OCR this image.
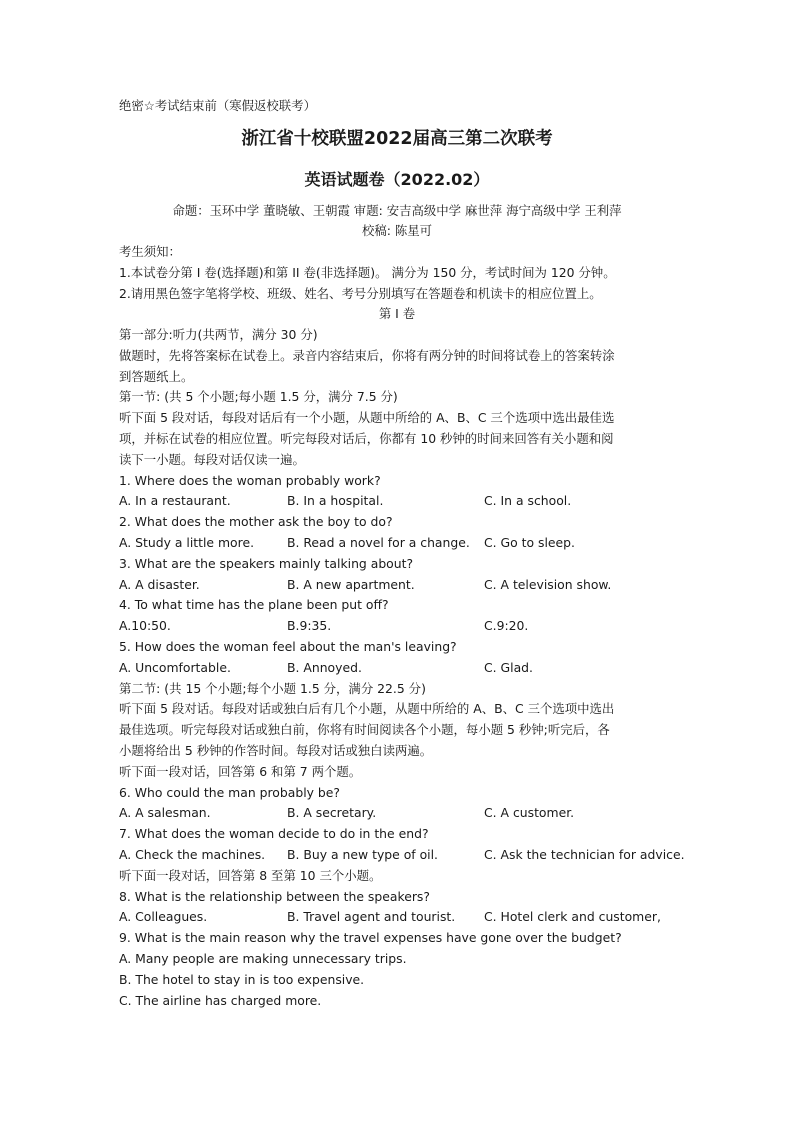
绝密☆考试结束前（寒假返校联考）
浙江省十校联盟2022届高三第二次联考
英语试题卷（2022.02）
命题：玉环中学 董晓敏、王朝霞 审题: 安吉高级中学 麻世萍 海宁高级中学 王利萍
校稿: 陈星可
考生须知：
1.本试卷分第 I 卷(选择题)和第 II 卷(非选择题)。 满分为 150 分，考试时间为 120 分钟。
2.请用黑色签字笔将学校、班级、姓名、考号分别填写在答题卷和机读卡的相应位置上。
第 I 卷
第一部分:听力(共两节，满分 30 分)
做题时，先将答案标在试卷上。录音内容结束后，你将有两分钟的时间将试卷上的答案转涂
到答题纸上。
第一节: (共 5 个小题;每小题 1.5 分，满分 7.5 分)
听下面 5 段对话，每段对话后有一个小题，从题中所给的 A、B、C 三个选项中选出最佳选
项，并标在试卷的相应位置。听完每段对话后，你都有 10 秒钟的时间来回答有关小题和阅
读下一小题。每段对话仅读一遍。
1. Where does the woman probably work?
A. In a restaurant.	B. In a hospital.	C. In a school.
2. What does the mother ask the boy to do?
A. Study a little more.	B. Read a novel for a change. C. Go to sleep.
3. What are the speakers mainly talking about?
A. A disaster.	B. A new apartment.	C. A television show.
4. To what time has the plane been put off?
A.10:50.	B.9:35.	C.9:20.
5. How does the woman feel about the man's leaving?
A. Uncomfortable.	B. Annoyed.	C. Glad.
第二节: (共 15 个小题;每个小题 1.5 分，满分 22.5 分)
听下面 5 段对话。每段对话或独白后有几个小题，从题中所给的 A、B、C 三个选项中选出
最佳选项。听完每段对话或独白前，你将有时间阅读各个小题，每小题 5 秒钟;听完后，各
小题将给出 5 秒钟的作答时间。每段对话或独白读两遍。
听下面一段对话，回答第 6 和第 7 两个题。
6. Who could the man probably be?
A. A salesman.	B. A secretary.	C. A customer.
7. What does the woman decide to do in the end?
A. Check the machines. B. Buy a new type of oil.	C. Ask the technician for advice.
听下面一段对话，回答第 8 至第 10 三个小题。
8. What is the relationship between the speakers?
A. Colleagues.	B. Travel agent and tourist. C. Hotel clerk and customer,
9. What is the main reason why the travel expenses have gone over the budget?
A. Many people are making unnecessary trips.
B. The hotel to stay in is too expensive.
C. The airline has charged more.
